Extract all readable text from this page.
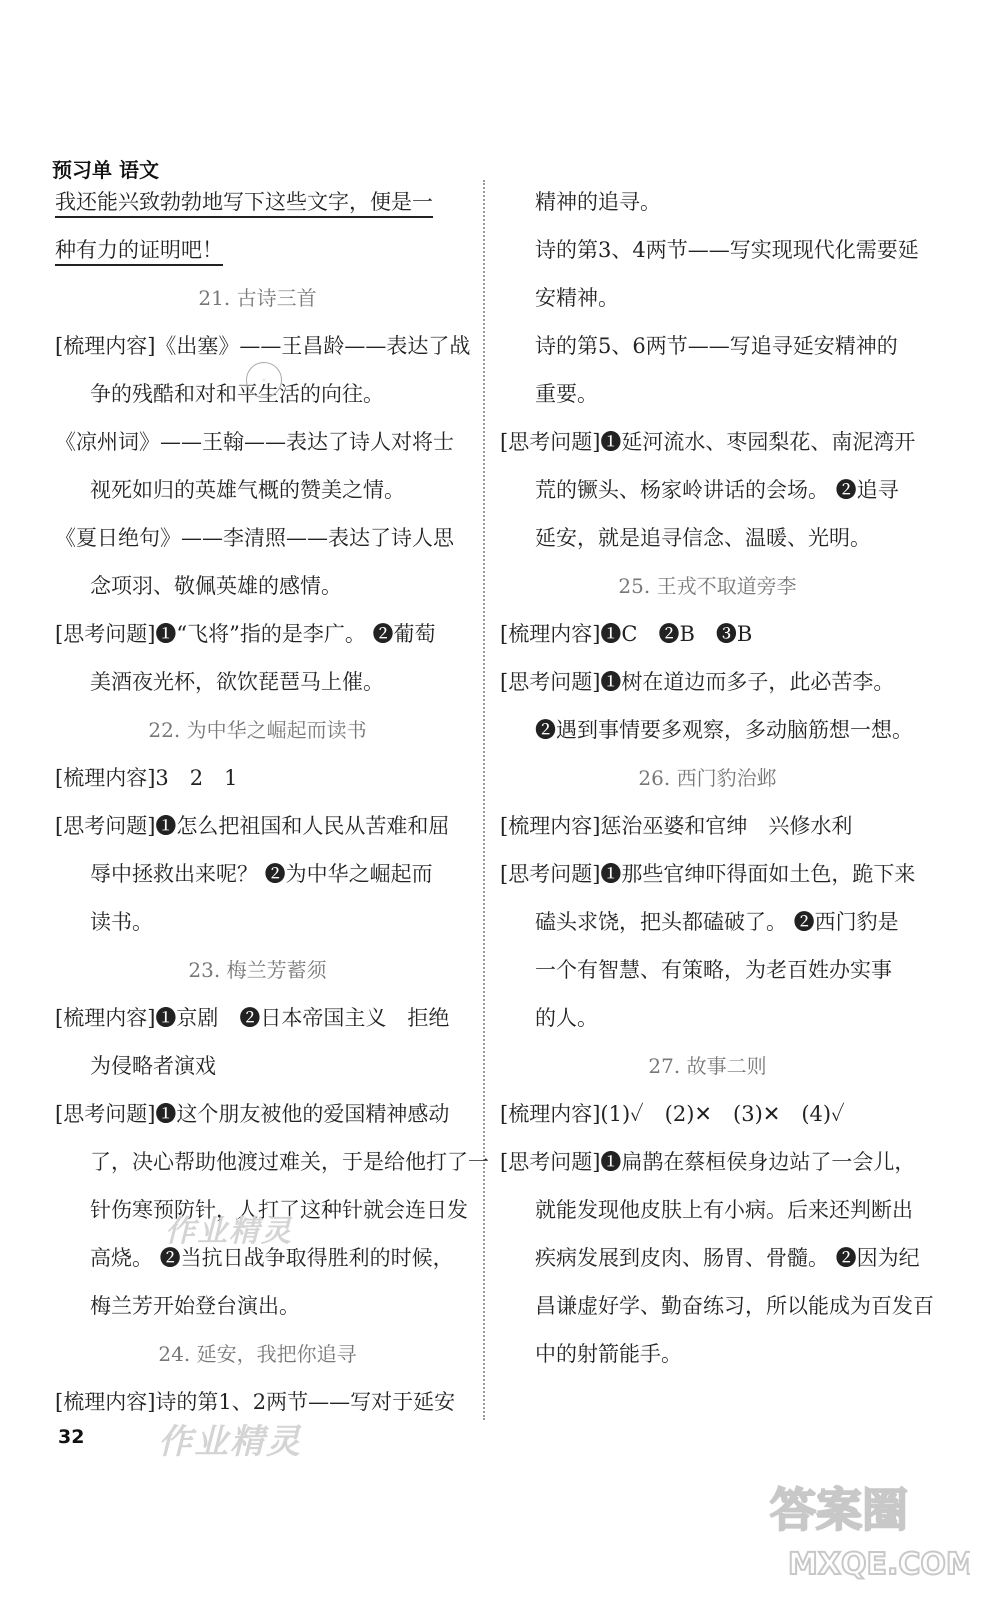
预习单 语文
我还能兴致勃勃地写下这些文字，便是一
种有力的证明吧！
21. 古诗三首
[梳理内容]《出塞》——王昌龄——表达了战
争的残酷和对和平生活的向往。
《凉州词》——王翰——表达了诗人对将士
视死如归的英雄气概的赞美之情。
《夏日绝句》——李清照——表达了诗人思
念项羽、敬佩英雄的感情。
[思考问题]❶“飞将”指的是李广。 ❷葡萄
美酒夜光杯，欲饮琵琶马上催。
22. 为中华之崛起而读书
[梳理内容]3　2　1
[思考问题]❶怎么把祖国和人民从苦难和屈
辱中拯救出来呢？ ❷为中华之崛起而
读书。
23. 梅兰芳蓄须
[梳理内容]❶京剧　❷日本帝国主义　拒绝
为侵略者演戏
[思考问题]❶这个朋友被他的爱国精神感动
了，决心帮助他渡过难关，于是给他打了一
针伤寒预防针，人打了这种针就会连日发
高烧。 ❷当抗日战争取得胜利的时候，
梅兰芳开始登台演出。
24. 延安，我把你追寻
[梳理内容]诗的第1、2两节——写对于延安
精神的追寻。
诗的第3、4两节——写实现现代化需要延
安精神。
诗的第5、6两节——写追寻延安精神的
重要。
[思考问题]❶延河流水、枣园梨花、南泥湾开
荒的镢头、杨家岭讲话的会场。 ❷追寻
延安，就是追寻信念、温暖、光明。
25. 王戎不取道旁李
[梳理内容]❶C　❷B　❸B
[思考问题]❶树在道边而多子，此必苦李。
❷遇到事情要多观察，多动脑筋想一想。
26. 西门豹治邺
[梳理内容]惩治巫婆和官绅　兴修水利
[思考问题]❶那些官绅吓得面如土色，跪下来
磕头求饶，把头都磕破了。 ❷西门豹是
一个有智慧、有策略，为老百姓办实事
的人。
27. 故事二则
[梳理内容](1)✓　(2)✕　(3)✕　(4)✓
[思考问题]❶扁鹊在蔡桓侯身边站了一会儿，
就能发现他皮肤上有小病。后来还判断出
疾病发展到皮肉、肠胃、骨髓。 ❷因为纪
昌谦虚好学、勤奋练习，所以能成为百发百
中的射箭能手。
◦
作业精灵
作业精灵
答案圈
MXQE.COM
32
